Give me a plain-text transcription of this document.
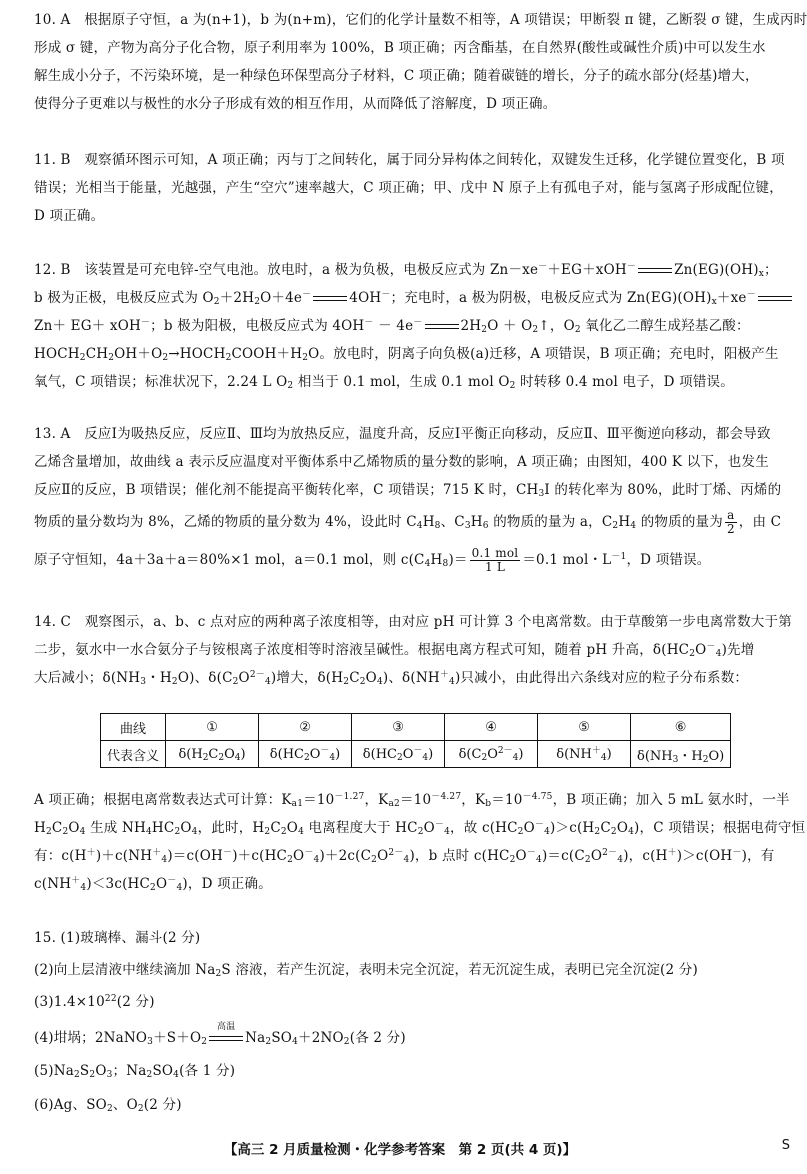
10. A　根据原子守恒，a 为(n+1)，b 为(n+m)，它们的化学计量数不相等，A 项错误；甲断裂 π 键，乙断裂 σ 键，生成丙时
形成 σ 键，产物为高分子化合物，原子利用率为 100%，B 项正确；丙含酯基，在自然界(酸性或碱性介质)中可以发生水
解生成小分子，不污染环境，是一种绿色环保型高分子材料，C 项正确；随着碳链的增长，分子的疏水部分(烃基)增大，
使得分子更难以与极性的水分子形成有效的相互作用，从而降低了溶解度，D 项正确。
11. B　观察循环图示可知，A 项正确；丙与丁之间转化，属于同分异构体之间转化，双键发生迁移，化学键位置变化，B 项
错误；光相当于能量，光越强，产生“空穴”速率越大，C 项正确；甲、戊中 N 原子上有孤电子对，能与氢离子形成配位键，
D 项正确。
12. B　该装置是可充电锌-空气电池。放电时，a 极为负极，电极反应式为 Zn－xe－＋EG＋xOH－	$Zn(EG)(OH)_x$；
b 极为正极，电极反应式为 $O_2+2H_2O+4e^-$	4OH－；充电时，a 极为阴极，电极反应式为 $Zn(EG)(OH)_x+xe^-$
Zn＋ EG＋ xOH－；b 极为阳极，电极反应式为 4OH－ － 4e－	$2H_2O$ ＋ $O_2↑$，$O_2$ 氧化乙二醇生成羟基乙酸：
$HOCH_2CH_2OH+O_2\to HOCH_2COOH+H_2O$。放电时，阴离子向负极(a)迁移，A 项错误，B 项正确；充电时，阳极产生
氧气，C 项错误；标准状况下，2.24 L $O_2$ 相当于 0.1 mol，生成 0.1 mol $O_2$ 时转移 0.4 mol 电子，D 项错误。
13. A　反应Ⅰ为吸热反应，反应Ⅱ、Ⅲ均为放热反应，温度升高，反应Ⅰ平衡正向移动，反应Ⅱ、Ⅲ平衡逆向移动，都会导致
乙烯含量增加，故曲线 a 表示反应温度对平衡体系中乙烯物质的量分数的影响，A 项正确；由图知，400 K 以下，也发生
反应Ⅱ的反应，B 项错误；催化剂不能提高平衡转化率，C 项错误；715 K 时，$CH_3I$ 的转化率为 80%，此时丁烯、丙烯的
物质的量分数均为 8%，乙烯的物质的量分数为 4%，设此时 $C_4H_8$、$C_3H_6$ 的物质的量为 a，$C_2H_4$ 的物质的量为 $\frac{a}{2}$ ，由 C
原子守恒知，4a＋3a＋a＝80%×1 mol，a＝0.1 mol，则 $c(C_4H_8)= \frac{\text{0.1 mol}}{1 L} =0.1$ mol・$L^{-1}$，D 项错误。
14. C　观察图示，a、b、c 点对应的两种离子浓度相等，由对应 pH 可计算 3 个电离常数。由于草酸第一步电离常数大于第
二步，氨水中一水合氨分子与铵根离子浓度相等时溶液呈碱性。根据电离方程式可知，随着 pH 升高，$\delta(HC_2O^-_4)$先增
大后减小；$\delta(NH_3$・$H_2O$)、$\delta(C_2O^{2-}_4)$增大，$\delta(H_2C_2O_4)$、$\delta(NH^+_4)$只减小，由此得出六条线对应的粒子分布系数：
曲线	①	②	③	④	⑤	⑥
代表含义	$\delta(H_2C_2O_4)$	$\delta(HC_2O^-_4)$	$\delta(HC_2O^-_4)$	$\delta(C_2O^{2-}_4)$	$\delta(NH^+_4)$	$\delta(NH_3$・$H_2O$)
A 项正确；根据电离常数表达式可计算：$K_{a1}=10^{-1.27}$，$K_{a2}=10^{-4.27}$，$K_b=10^{-4.75}$，B 项正确；加入 5 mL 氨水时，一半
$H_2C_2O_4$ 生成 $NH_4HC_2O_4$，此时，$H_2C_2O_4$ 电离程度大于 $HC_2O^-_4$，故 $c(HC_2O^-_4)>c(H_2C_2O_4)$，C 项错误；根据电荷守恒
有：$c(H^+)+c(NH^+_4)=c(OH^-)+c(HC_2O^-_4)+2c(C_2O^{2-}_4)$，b 点时 $c(HC_2O^-_4)=c(C_2O^{2-}_4)$，c(H＋)＞c(OH－)，有
$c(NH^+_4)<3c(HC_2O^-_4)$，D 项正确。
15. (1)玻璃棒、漏斗(2 分)
(2)向上层清液中继续滴加 $Na_2S$ 溶液，若产生沉淀，表明未完全沉淀，若无沉淀生成，表明已完全沉淀(2 分)
$(3)1.4\times 10^{22}(2$ 分)
(4)坩埚；$2NaNO_3+S+O_2$
高温
$Na_2SO_4+2NO_2$(各 2 分)
$(5)Na_2S_2O_3$；$Na_2SO_4$(各 1 分)
(6)Ag、$SO_2$、$O_2(2$ 分)
【高三 2 月质量检测・化学参考答案　第 2 页(共 4 页)】	S
